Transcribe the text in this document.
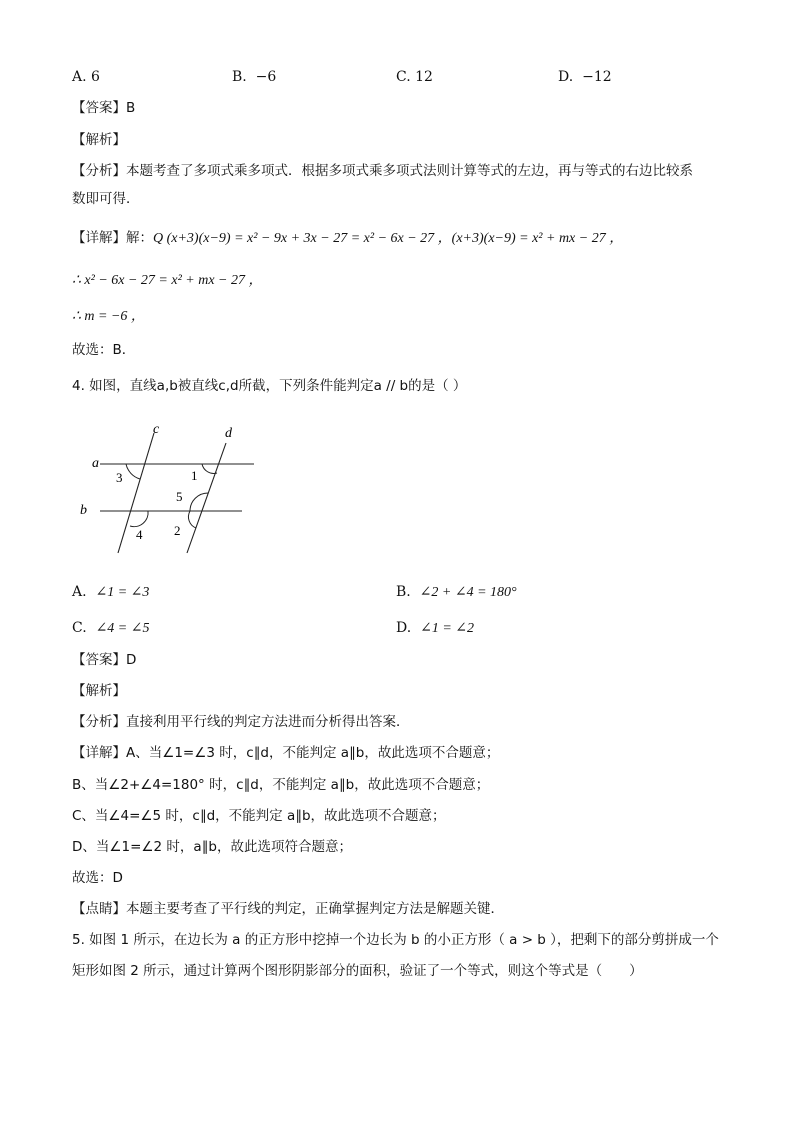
A. 6	B. −6	C. 12	D. −12
【答案】B
【解析】
【分析】本题考查了多项式乘多项式．根据多项式乘多项式法则计算等式的左边，再与等式的右边比较系
数即可得．
【详解】解：Q (x+3)(x−9) = x² − 9x + 3x − 27 = x² − 6x − 27 ，(x+3)(x−9) = x² + mx − 27 ，
∴ x² − 6x − 27 = x² + mx − 27 ，
∴ m = −6 ，
故选：B．
4. 如图，直线a,b被直线c,d所截，下列条件能判定a // b的是（ ）
c	d
a
b
3	1
5
2
4
A. ∠1 = ∠3	B. ∠2 + ∠4 = 180°
C. ∠4 = ∠5	D. ∠1 = ∠2
【答案】D
【解析】
【分析】直接利用平行线的判定方法进而分析得出答案．
【详解】A、当∠1=∠3 时，c∥d，不能判定 a∥b，故此选项不合题意；
B、当∠2+∠4=180° 时，c∥d，不能判定 a∥b，故此选项不合题意；
C、当∠4=∠5 时，c∥d，不能判定 a∥b，故此选项不合题意；
D、当∠1=∠2 时，a∥b，故此选项符合题意；
故选：D
【点睛】本题主要考查了平行线的判定，正确掌握判定方法是解题关键．
5. 如图 1 所示，在边长为 a 的正方形中挖掉一个边长为 b 的小正方形（ a > b ），把剩下的部分剪拼成一个
矩形如图 2 所示，通过计算两个图形阴影部分的面积，验证了一个等式，则这个等式是（　　）
